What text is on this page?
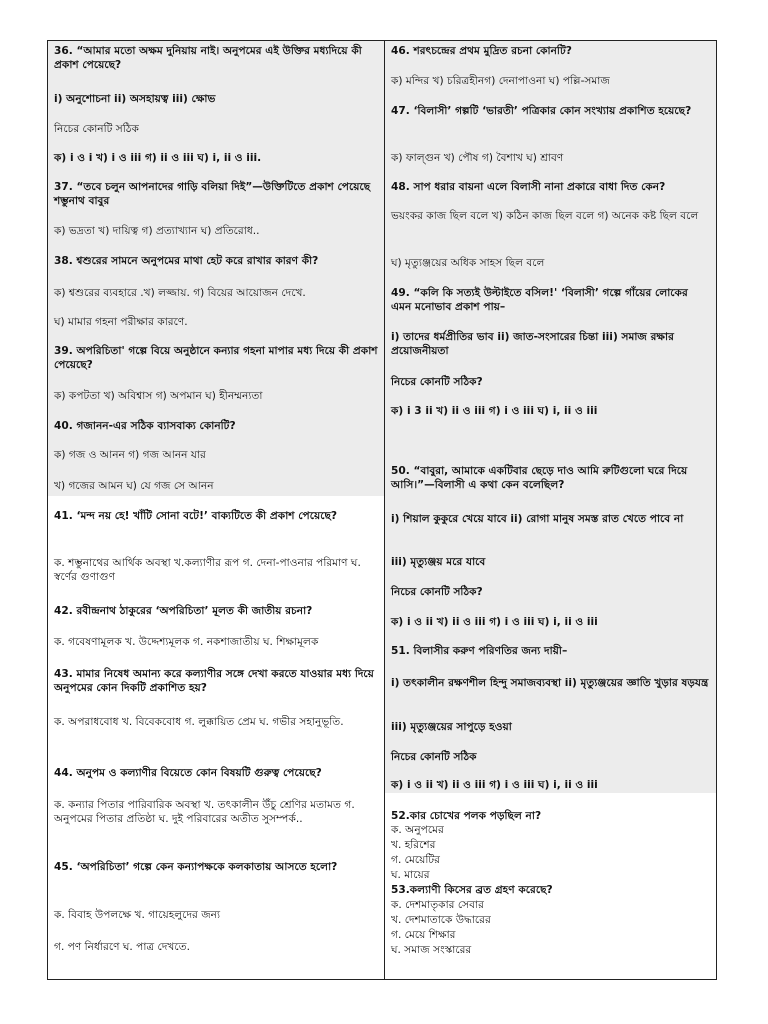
36. “আমার মতো অক্ষম দুনিয়ায় নাই। অনুপমের এই উক্তির মধ্যদিয়ে কী প্রকাশ পেয়েছে?
i) অনুশোচনা ii) অসহায়ত্ব iii) ক্ষোভ
নিচের কোনটি সঠিক
ক) i ও i খ) i ও iii গ) ii ও iii ঘ) i, ii ও iii.
37. “তবে চলুন আপনাদের গাড়ি বলিয়া দিই”—উক্তিটিতে প্রকাশ পেয়েছে শম্ভুনাথ বাবুর
ক) ভদ্রতা খ) দায়িত্ব গ) প্রত্যাখ্যান ঘ) প্রতিরোধ..
38. শ্বশুরের সামনে অনুপমের মাথা হেট করে রাখার কারণ কী?
ক) শ্বশুরের ব্যবহারে .খ) লজ্জায়. গ) বিয়ের আয়োজন দেখে.
ঘ) মামার গহনা পরীক্ষার কারণে.
39. অপরিচিতা' গল্পে বিয়ে অনুষ্ঠানে কন্যার গহনা মাপার মধ্য দিয়ে কী প্রকাশ পেয়েছে?
ক) কপটতা খ) অবিশ্বাস গ) অপমান ঘ) হীনম্মন্যতা
40. গজানন-এর সঠিক ব্যাসবাক্য কোনটি?
ক) গজ ও আনন গ) গজ আনন যার
খ) গজের আমন ঘ) যে গজ সে আনন
41. ‘মন্দ নয় হে! খাঁটি সোনা বটে!’ বাক্যটিতে কী প্রকাশ পেয়েছে?
ক. শম্ভুনাথের আর্থিক অবস্থা খ.কল্যাণীর রূপ গ. দেনা-পাওনার পরিমাণ ঘ. স্বর্ণের গুণাগুণ
42. রবীন্দ্রনাথ ঠাকুরের ‘অপরিচিতা’ মূলত কী জাতীয় রচনা?
ক. গবেষণামূলক খ. উদ্দেশ্যমূলক গ. নকশাজাতীয় ঘ. শিক্ষামূলক
43. মামার নিষেধ অমান্য করে কল্যাণীর সঙ্গে দেখা করতে যাওয়ার মধ্য দিয়ে অনুপমের কোন দিকটি প্রকাশিত হয়?
ক. অপরাধবোধ খ. বিবেকবোধ গ. লুক্কায়িত প্রেম ঘ. গভীর সহানুভূতি.
44. অনুপম ও কল্যাণীর বিয়েতে কোন বিষয়টি গুরুত্ব পেয়েছে?
ক. কন্যার পিতার পারিবারিক অবস্থা খ. তৎকালীন উঁচু শ্রেণির মতামত গ. অনুপমের পিতার প্রতিষ্ঠা ঘ. দুই পরিবারের অতীত সুসম্পর্ক..
45. ‘অপরিচিতা’ গল্পে কেন কন্যাপক্ষকে কলকাতায় আসতে হলো?
ক. বিবাহ উপলক্ষে খ. গায়েহলুদের জন্য
গ. পণ নির্ধারণে ঘ. পাত্র দেখতে.
46. শরৎচন্দ্রের প্রথম মুদ্রিত রচনা কোনটি?
ক) মন্দির খ) চরিত্রহীনগ) দেনাপাওনা ঘ) পল্লি-সমাজ
47. ‘বিলাসী’ গল্পটি ‘ভারতী’ পত্রিকার কোন সংখ্যায় প্রকাশিত হয়েছে?
ক) ফাল্গুন খ) পৌষ গ) বৈশাখ ঘ) শ্রাবণ
48. সাপ ধরার বায়না এলে বিলাসী নানা প্রকারে বাধা দিত কেন?
ভয়ংকর কাজ ছিল বলে খ) কঠিন কাজ ছিল বলে গ) অনেক কষ্ট ছিল বলে
ঘ) মৃত্যুঞ্জয়ের অধিক সাহস ছিল বলে
49. “কলি কি সত্যই উল্টাইতে বসিল!' ‘বিলাসী’ গল্পে গাঁয়ের লোকের এমন মনোভাব প্রকাশ পায়–
i) তাদের ধর্মপ্রীতির ভাব ii) জাত-সংসারের চিন্তা iii) সমাজ রক্ষার প্রয়োজনীয়তা
নিচের কোনটি সঠিক?
ক) i 3 ii খ) ii ও iii গ) i ও iii ঘ) i, ii ও iii
50. “বাবুরা, আমাকে একটিবার ছেড়ে দাও আমি রুটিগুলো ঘরে দিয়ে আসি।”—বিলাসী এ কথা কেন বলেছিল?
i) শিয়াল কুকুরে খেয়ে যাবে ii) রোগা মানুষ সমস্ত রাত খেতে পাবে না
iii) মৃত্যুঞ্জয় মরে যাবে
নিচের কোনটি সঠিক?
ক) i ও ii খ) ii ও iii গ) i ও iii ঘ) i, ii ও iii
51. বিলাসীর করুণ পরিণতির জন্য দায়ী–
i) তৎকালীন রক্ষণশীল হিন্দু সমাজব্যবস্থা ii) মৃত্যুঞ্জয়ের জ্ঞাতি খুড়ার ষড়যন্ত্র
iii) মৃত্যুঞ্জয়ের সাপুড়ে হওয়া
নিচের কোনটি সঠিক
ক) i ও ii খ) ii ও iii গ) i ও iii ঘ) i, ii ও iii
52.কার চোখের পলক পড়ছিল না?
ক. অনুপমের
খ. হরিশের
গ. মেয়েটির
ঘ. মায়ের
53.কল্যাণী কিসের ব্রত গ্রহণ করেছে?
ক. দেশমাতৃকার সেবার
খ. দেশমাতাকে উদ্ধারের
গ. মেয়ে শিক্ষার
ঘ. সমাজ সংস্কারের
